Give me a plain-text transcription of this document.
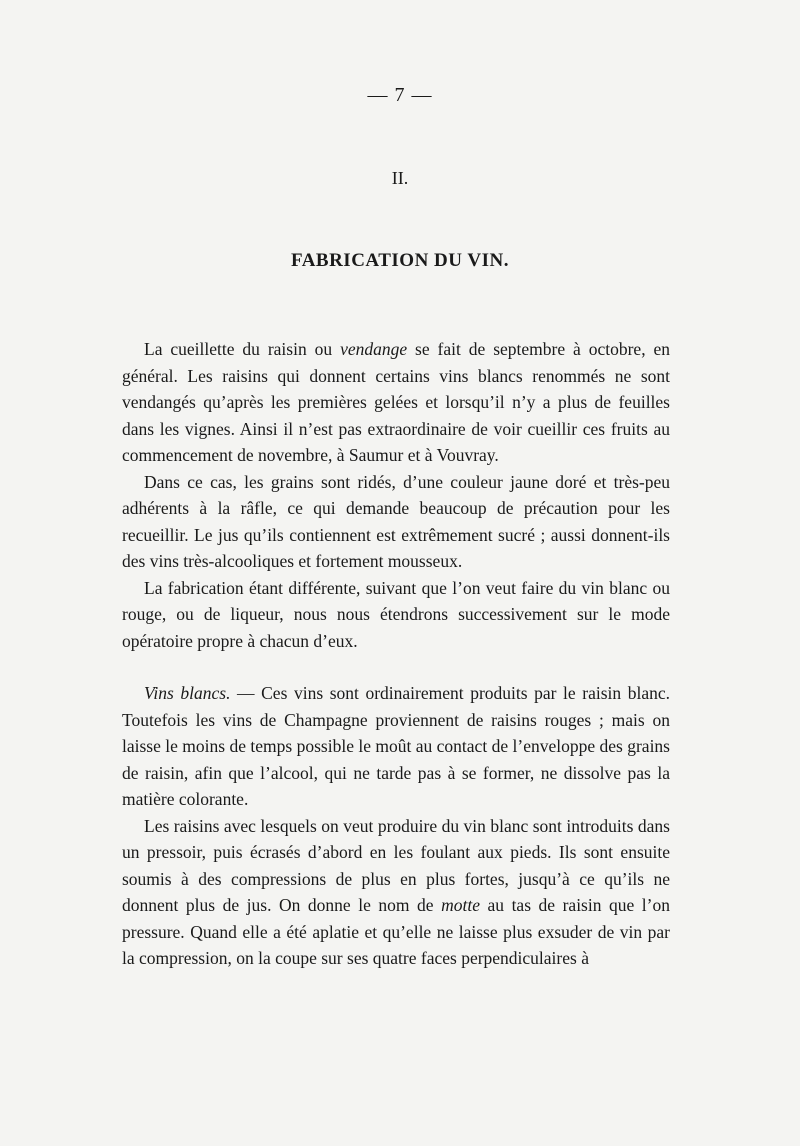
— 7 —
II.
FABRICATION DU VIN.

La cueillette du raisin ou vendange se fait de septembre à octobre, en général. Les raisins qui donnent certains vins blancs renommés ne sont vendangés qu’après les premières gelées et lorsqu’il n’y a plus de feuilles dans les vignes. Ainsi il n’est pas extraordinaire de voir cueillir ces fruits au commencement de novembre, à Saumur et à Vouvray.

Dans ce cas, les grains sont ridés, d’une couleur jaune doré et très-peu adhérents à la râfle, ce qui demande beaucoup de précaution pour les recueillir. Le jus qu’ils contiennent est extrêmement sucré ; aussi donnent-ils des vins très-alcooliques et fortement mousseux.

La fabrication étant différente, suivant que l’on veut faire du vin blanc ou rouge, ou de liqueur, nous nous étendrons successivement sur le mode opératoire propre à chacun d’eux.

Vins blancs. — Ces vins sont ordinairement produits par le raisin blanc. Toutefois les vins de Champagne proviennent de raisins rouges ; mais on laisse le moins de temps possible le moût au contact de l’enveloppe des grains de raisin, afin que l’alcool, qui ne tarde pas à se former, ne dissolve pas la matière colorante.

Les raisins avec lesquels on veut produire du vin blanc sont introduits dans un pressoir, puis écrasés d’abord en les foulant aux pieds. Ils sont ensuite soumis à des compressions de plus en plus fortes, jusqu’à ce qu’ils ne donnent plus de jus. On donne le nom de motte au tas de raisin que l’on pressure. Quand elle a été aplatie et qu’elle ne laisse plus exsuder de vin par la compression, on la coupe sur ses quatre faces perpendiculaires à
